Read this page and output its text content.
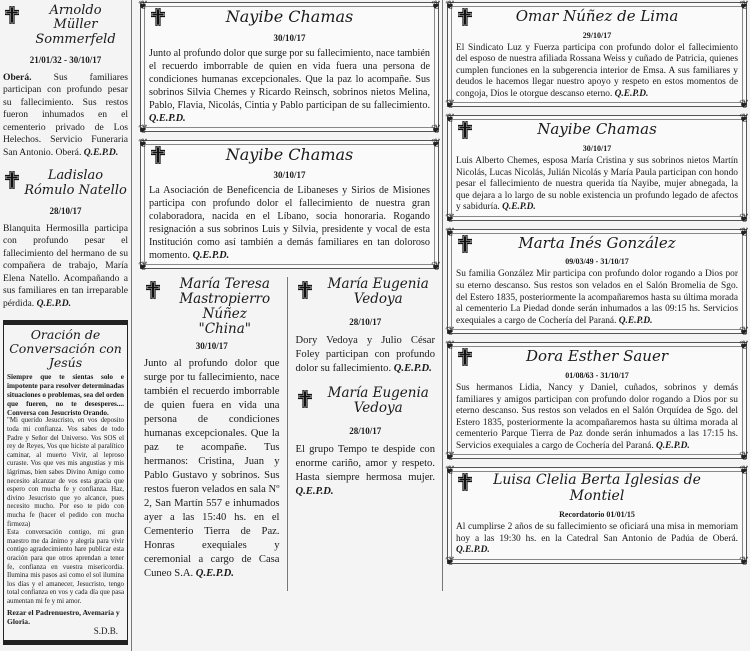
Arnoldo
Müller Sommerfeld
21/01/32 - 30/10/17
Oberá. Sus familiares participan con profundo pesar su fallecimiento. Sus restos fueron inhumados en el cementerio privado de Los Helechos. Servicio Funeraria San Antonio. Oberá. Q.E.P.D.
Ladislao
Rómulo Natello
28/10/17
Blanquita Hermosilla participa con profundo pesar el fallecimiento del hermano de su compañera de trabajo, María Elena Natello. Acompañando a sus familiares en tan irreparable pérdida. Q.E.P.D.
Oración de
Conversación con Jesús
Siempre que te sientas solo e impotente para resolver determinadas situaciones o problemas, sea del orden que fueren, no te desesperes.... Conversa con Jesucristo Orando.
"Mi querido Jesucristo, en vos deposito toda mi confianza. Vos sabes de todo Padre y Señor del Universo. Vos SOS el rey de Reyes, Vos que hiciste al paralítico caminar, al muerto Vivir, al leproso curaste. Vos que ves mis angustias y mis lágrimas, bien sabes Divino Amigo como necesito alcanzar de vos esta gracia que espero con mucha fe y confianza. Haz, divino Jesucristo que yo alcance, pues necesito mucho. Por eso te pido con mucha fe (hacer el pedido con mucha firmeza)
Esta conversación contigo, mi gran maestro me da ánimo y alegría para vivir contigo agradecimiento hare publicar esta oración para que otros aprendan a tener fe, confianza en vuestra misericordia. Ilumina mis pasos asi como el sol ilumina los días y el amanecer, Jesucristo, tengo total confianza en vos y cada día que pasa aumentan mi fe y mi amor.
Rezar el Padrenuestro, Avemaría y Gloria.
S.D.B.
❦	❦
❦	❦
Nayibe Chamas
30/10/17
Junto al profundo dolor que surge por su fallecimiento, nace también el recuerdo imborrable de quien en vida fuera una persona de condiciones humanas excepcionales. Que la paz lo acompañe. Sus sobrinos Silvia Chemes y Ricardo Reinsch, sobrinos nietos Melina, Pablo, Flavia, Nicolás, Cintia y Pablo participan de su fallecimiento. Q.E.P.D.
❦	❦
❦	❦
Nayibe Chamas
30/10/17
La Asociación de Beneficencia de Libaneses y Sirios de Misiones participa con profundo dolor el fallecimiento de nuestra gran colaboradora, nacida en el Líbano, socia honoraria. Rogando resignación a sus sobrinos Luis y Silvia, presidente y vocal de esta Institución como así también a demás familiares en tan doloroso momento. Q.E.P.D.
María Teresa
Mastropierro Núñez
"China"
30/10/17
Junto al profundo dolor que surge por tu fallecimiento, nace también el recuerdo imborrable de quien fuera en vida una persona de condiciones humanas excepcionales. Que la paz te acompañe. Tus hermanos: Cristina, Juan y Pablo Gustavo y sobrinos. Sus restos fueron velados en sala Nº 2, San Martín 557 e inhumados ayer a las 15:40 hs. en el Cementerio Tierra de Paz. Honras exequiales y ceremonial a cargo de Casa Cuneo S.A. Q.E.P.D.
María Eugenia
Vedoya
28/10/17
Dory Vedoya y Julio César Foley participan con profundo dolor su fallecimiento. Q.E.P.D.
María Eugenia
Vedoya
28/10/17
El grupo Tempo te despide con enorme cariño, amor y respeto. Hasta siempre hermosa mujer. Q.E.P.D.
❦	❦
❦	❦
Omar Núñez de Lima
29/10/17
El Sindicato Luz y Fuerza participa con profundo dolor el fallecimiento del esposo de nuestra afiliada Rossana Weiss y cuñado de Patricia, quienes cumplen funciones en la subgerencia interior de Emsa. A sus familiares y deudos le hacemos llegar nuestro apoyo y respeto en estos momentos de congoja, Dios le otorgue descanso eterno. Q.E.P.D.
❦	❦
❦	❦
Nayibe Chamas
30/10/17
Luis Alberto Chemes, esposa María Cristina y sus sobrinos nietos Martín Nicolás, Lucas Nicolás, Julián Nicolás y María Paula participan con hondo pesar el fallecimiento de nuestra querida tía Nayibe, mujer abnegada, la que dejara a lo largo de su noble existencia un profundo legado de afectos y sabiduría. Q.E.P.D.
❦	❦
❦	❦
Marta Inés González
09/03/49 - 31/10/17
Su familia González Mir participa con profundo dolor rogando a Dios por su eterno descanso. Sus restos son velados en el Salón Bromelia de Sgo. del Estero 1835, posteriormente la acompañaremos hasta su última morada al cementerio La Piedad donde serán inhumados a las 09:15 hs. Servicios exequiales a cargo de Cochería del Paraná. Q.E.P.D.
❦	❦
❦	❦
Dora Esther Sauer
01/08/63 - 31/10/17
Sus hermanos Lidia, Nancy y Daniel, cuñados, sobrinos y demás familiares y amigos participan con profundo dolor rogando a Dios por su eterno descanso. Sus restos son velados en el Salón Orquídea de Sgo. del Estero 1835, posteriormente la acompañaremos hasta su última morada al cementerio Parque Tierra de Paz donde serán inhumados a las 17:15 hs. Servicios exequiales a cargo de Cochería del Paraná. Q.E.P.D.
❦	❦
❦	❦
Luisa Clelia Berta Iglesias de Montiel
Recordatorio 01/01/15
Al cumplirse 2 años de su fallecimiento se oficiará una misa in memoriam hoy a las 19:30 hs. en la Catedral San Antonio de Padúa de Oberá. Q.E.P.D.
